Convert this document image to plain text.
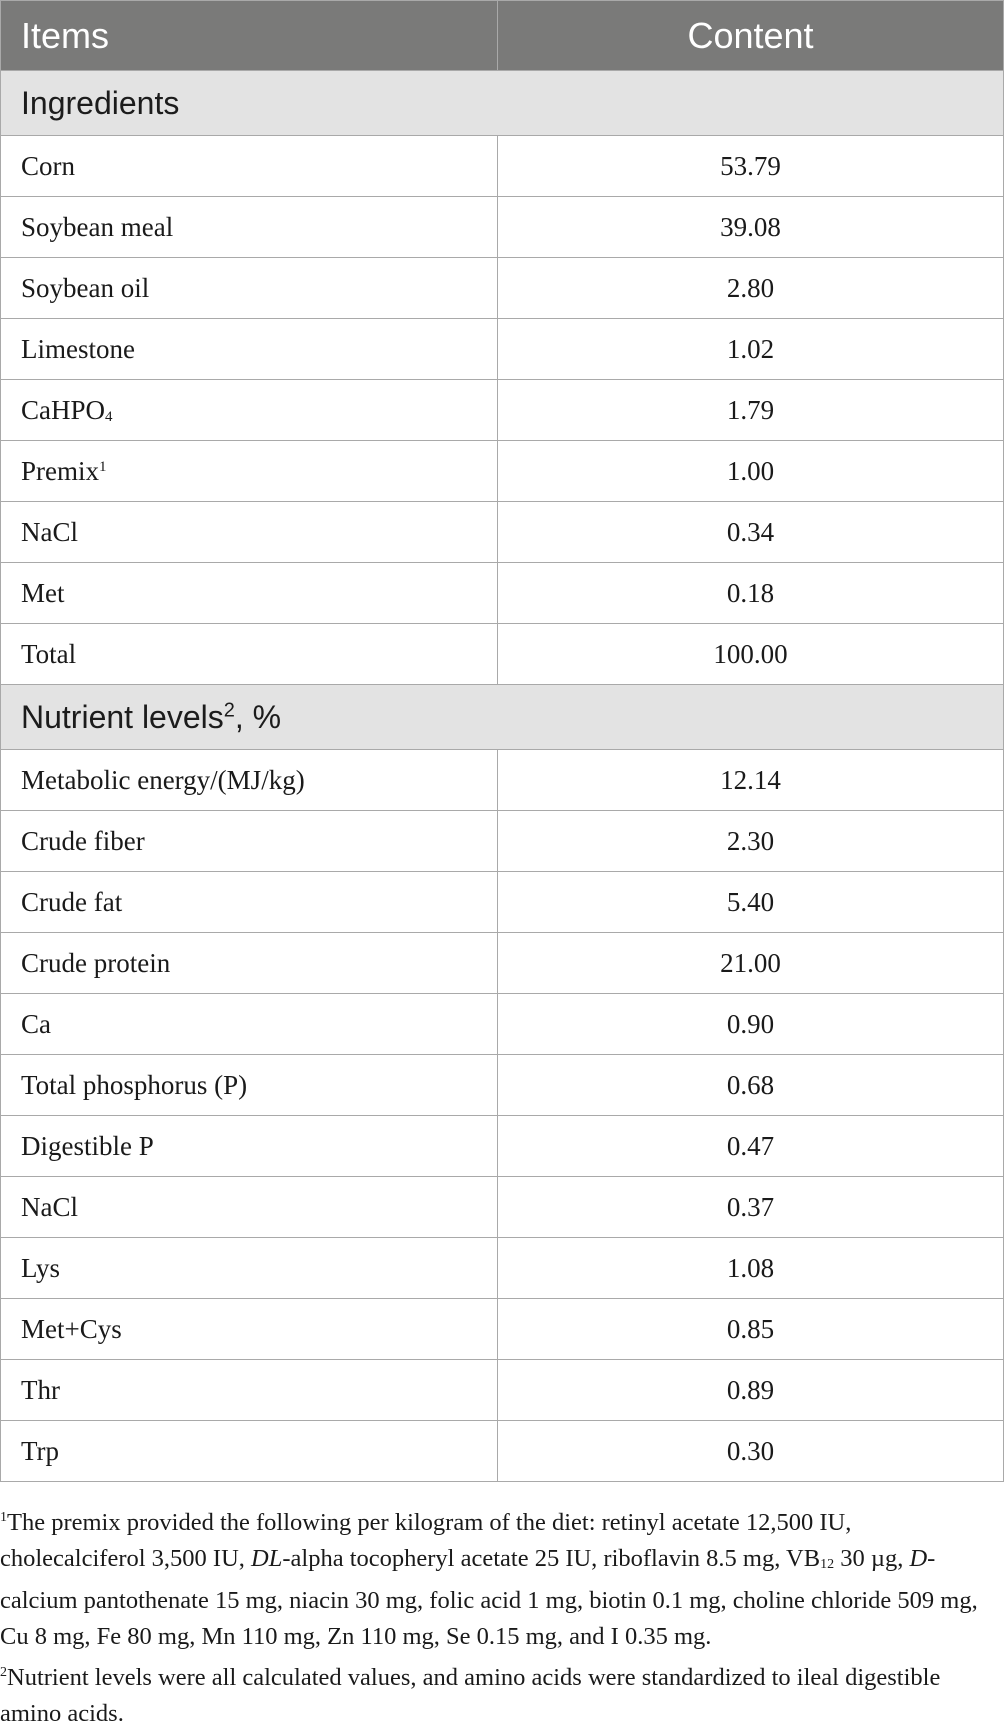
Items	Content
Ingredients	
Corn	53.79
Soybean meal	39.08
Soybean oil	2.80
Limestone	1.02
CaHPO$_4$	1.79
Premix$^1$	1.00
NaCl	0.34
Met	0.18
Total	100.00
Nutrient levels$^2$, %	
Metabolic energy/(MJ/kg)	12.14
Crude fiber	2.30
Crude fat	5.40
Crude protein	21.00
Ca	0.90
Total phosphorus (P)	0.68
Digestible P	0.47
NaCl	0.37
Lys	1.08
Met+Cys	0.85
Thr	0.89
Trp	0.30

$^1$The premix provided the following per kilogram of the diet: retinyl acetate 12,500 IU, cholecalciferol 3,500 IU, DL-alpha tocopheryl acetate 25 IU, riboflavin 8.5 mg, $VB_{12}$ 30 µg, D-calcium pantothenate 15 mg, niacin 30 mg, folic acid 1 mg, biotin 0.1 mg, choline chloride 509 mg, Cu 8 mg, Fe 80 mg, Mn 110 mg, Zn 110 mg, Se 0.15 mg, and I 0.35 mg.

$^2$Nutrient levels were all calculated values, and amino acids were standardized to ileal digestible amino acids.
